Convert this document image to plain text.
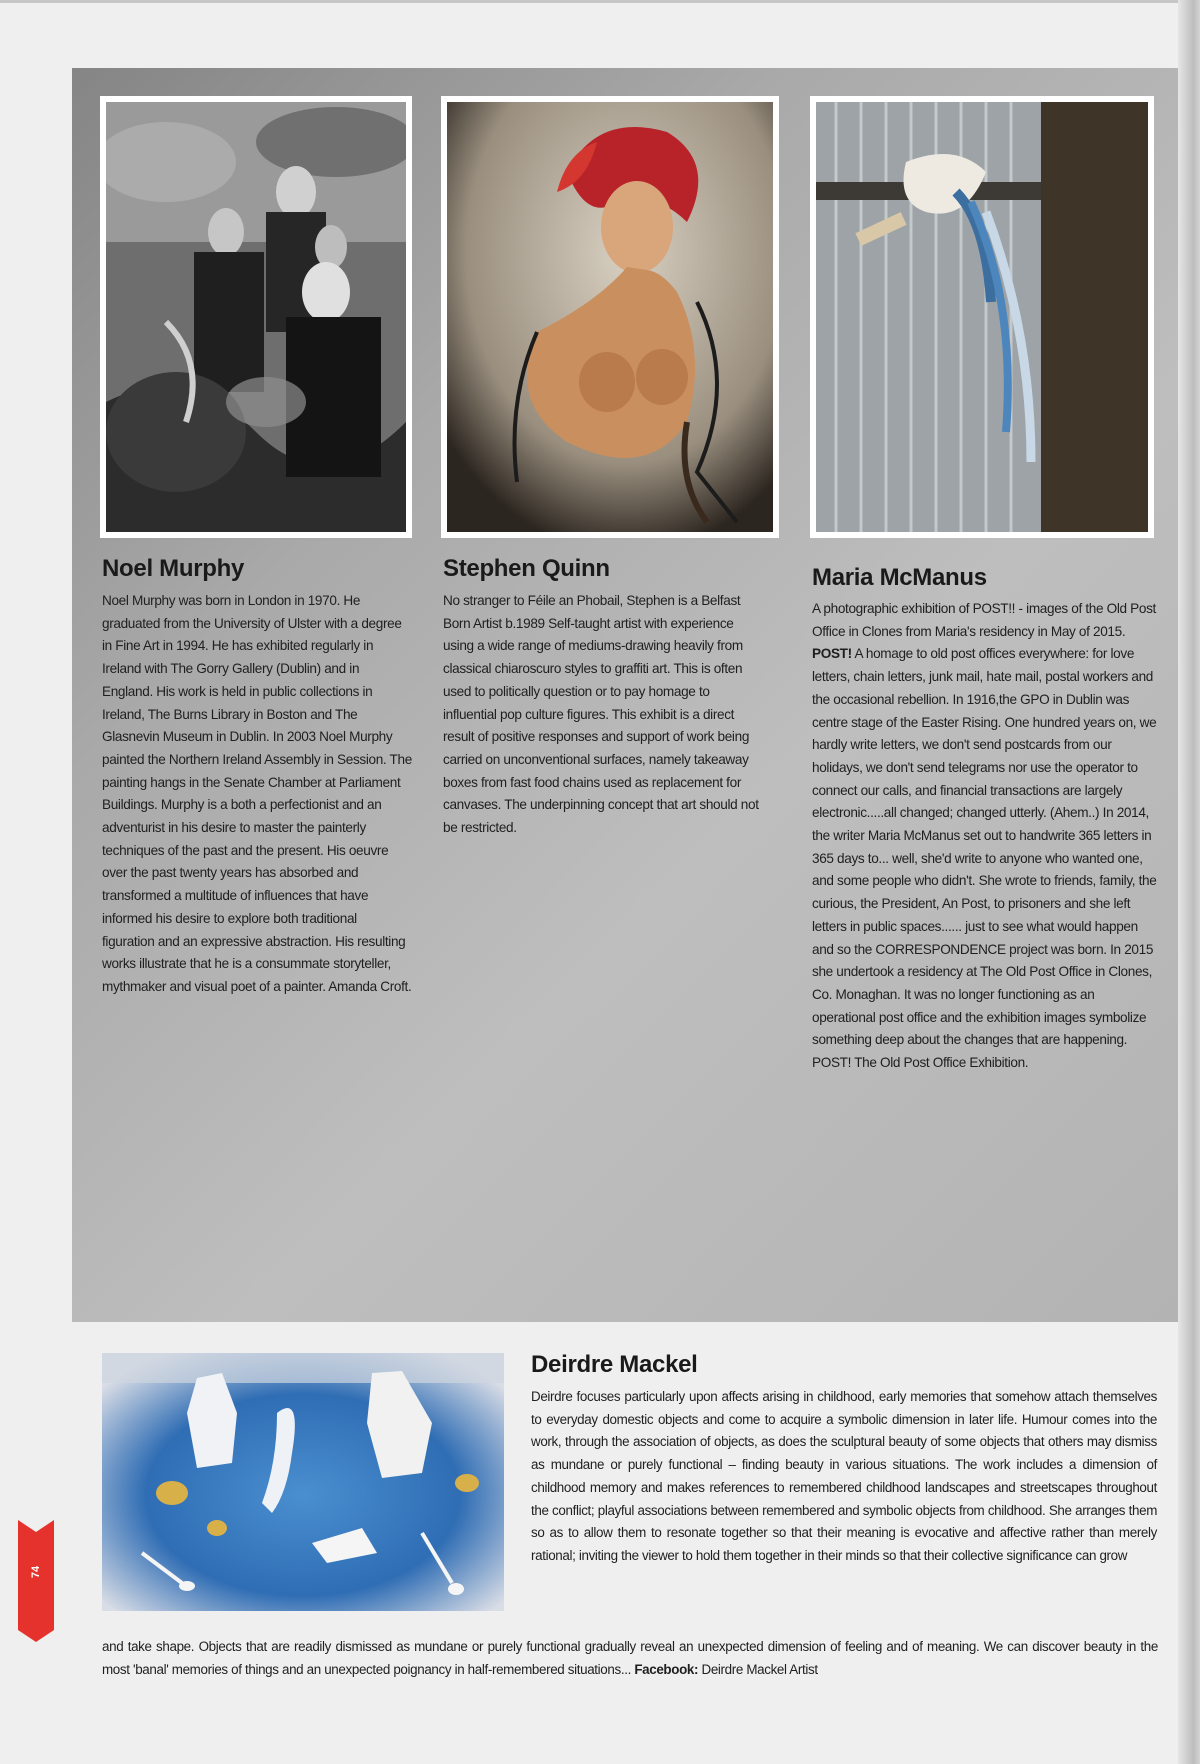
Noel Murphy

Noel Murphy was born in London in 1970. He graduated from the University of Ulster with a degree in Fine Art in 1994. He has exhibited regularly in Ireland with The Gorry Gallery (Dublin) and in England. His work is held in public collections in Ireland, The Burns Library in Boston and The Glasnevin Museum in Dublin. In 2003 Noel Murphy painted the Northern Ireland Assembly in Session. The painting hangs in the Senate Chamber at Parliament Buildings. Murphy is a both a perfectionist and an adventurist in his desire to master the painterly techniques of the past and the present. His oeuvre over the past twenty years has absorbed and transformed a multitude of influences that have informed his desire to explore both traditional figuration and an expressive abstraction. His resulting works illustrate that he is a consummate storyteller, mythmaker and visual poet of a painter. Amanda Croft.

Stephen Quinn

No stranger to Féile an Phobail, Stephen is a Belfast Born Artist b.1989 Self-taught artist with experience using a wide range of mediums-drawing heavily from classical chiaroscuro styles to graffiti art. This is often used to politically question or to pay homage to influential pop culture figures. This exhibit is a direct result of positive responses and support of work being carried on unconventional surfaces, namely takeaway boxes from fast food chains used as replacement for canvases. The underpinning concept that art should not be restricted.

Maria McManus

A photographic exhibition of POST!! - images of the Old Post Office in Clones from Maria's residency in May of 2015. POST! A homage to old post offices everywhere: for love letters, chain letters, junk mail, hate mail, postal workers and the occasional rebellion. In 1916,the GPO in Dublin was centre stage of the Easter Rising. One hundred years on, we hardly write letters, we don't send postcards from our holidays, we don't send telegrams nor use the operator to connect our calls, and financial transactions are largely electronic.....all changed; changed utterly. (Ahem..) In 2014, the writer Maria McManus set out to handwrite 365 letters in 365 days to... well, she'd write to anyone who wanted one, and some people who didn't. She wrote to friends, family, the curious, the President, An Post, to prisoners and she left letters in public spaces...... just to see what would happen and so the CORRESPONDENCE project was born. In 2015 she undertook a residency at The Old Post Office in Clones, Co. Monaghan. It was no longer functioning as an operational post office and the exhibition images symbolize something deep about the changes that are happening. POST! The Old Post Office Exhibition.

Deirdre Mackel

Deirdre focuses particularly upon affects arising in childhood, early memories that somehow attach themselves to everyday domestic objects and come to acquire a symbolic dimension in later life. Humour comes into the work, through the association of objects, as does the sculptural beauty of some objects that others may dismiss as mundane or purely functional – finding beauty in various situations. The work includes a dimension of childhood memory and makes references to remembered childhood landscapes and streetscapes throughout the conflict; playful associations between remembered and symbolic objects from childhood. She arranges them so as to allow them to resonate together so that their meaning is evocative and affective rather than merely rational; inviting the viewer to hold them together in their minds so that their collective significance can grow

and take shape. Objects that are readily dismissed as mundane or purely functional gradually reveal an unexpected dimension of feeling and of meaning. We can discover beauty in the most 'banal' memories of things and an unexpected poignancy in half-remembered situations... Facebook: Deirdre Mackel Artist

74
